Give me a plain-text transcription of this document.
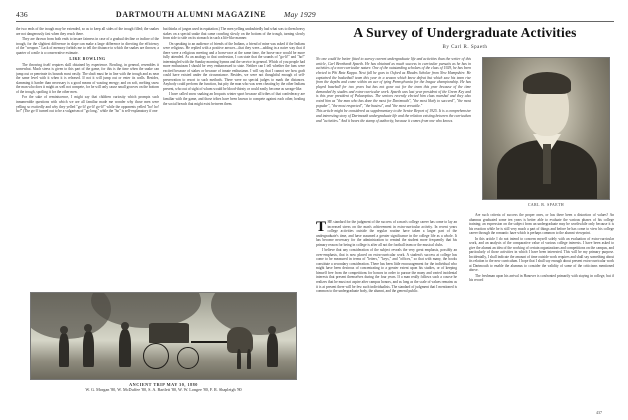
436	DARTMOUTH ALUMNI MAGAZINE	May 1929

the two ends of the trough may be extended, so as to keep all sides of the trough filled; the snakes are not dangerously fast when they reach there.

They are thrown from both ends to insure fairness in case of a gradual decline or incline of the trough, for the slightest difference in slope can make a large difference in directing the efficiency of the "weapon." Lack of memory forbids me to tell the distance to which the snakes are thrown; a quarter of a mile is a conservative estimate.

LIKE BOWLING

The throwing itself requires skill obtained by experience. Bowling, in general, resembles it somewhat. Much stress is given to this part of the game, for this is the time when the snake can jump out or penetrate its bounds most easily. The shaft must be in line with the trough and as near the same level with it when it is released. If not it will jump out or enter its walls. Besides, slamming it harder than necessary is a good means of wasting energy; and on soft, melting snow the man who does it might as well not compete, for he will only cause small grooves on the bottom of the trough, spoiling it for the other men.

For the sake of reminiscence, I might say that children curiosity which prompts such innumerable questions with which we are all familiar made me wonder why those men were yelling so excitedly and why they yelled "go-li! go-li! go-li!" while the opponents yelled "ho! ho! ho!" (The go-li' turned out to be a vulgarism of "go long," while the "ho" is self-explanatory if one

but thinks of jargon used in equitation.) The men yelling undoubtedly had what was to them heavy stakes on a special snake that came crawling slowly on the bottom of the trough, turning slowly from side to side on its stomach in such a life-like manner.

On speaking to an audience of friends of the Indians, a friend of mine was asked if the Indians were religious. He replied with a positive answer—that they were—adding in a naive way that if there were a religious meeting and a horse-race at the same time, the horse-race would be more fully attended. As an analogy to that confession, I can state that the sounds of "go-li!" and "ho!" intermingled with the Sunday morning hymns and the service in general. Which of you people had more enthusiasm I should be very embarrassed to state. Neither can I tell whether the fans were excited because of stakes or because of innate enthusiasm. I will say that I cannot see how graft could have existed under the circumstance. Besides, we were not thoughtful enough of self-preservation to resort to such methods. There were no special judges to mark the distances. Anybody could perform the function, but pity the man who was seen cheating by the other Indians present, who out of sight of whom would be blood-thirsty or could easily become as savage-like.

I have called snow snaking an Iroquois winter sport because all tribes of that confederacy are familiar with the game, and those tribes have been known to compete against each other, healing the social breach that might exist between them.

ANCIENT TRIP MAY 30, 1880
W. G. Morgan '80, W. McDuffee '80, S. A. Bartlett '80, W. W. Longee '80, F. R. Shapleigh '80
A Survey of Undergraduate Activities
By Carl R. Spaeth

No one could be better fitted to survey current undergraduate life and activities than the writer of this article, Carl Bernhardt Spaeth. He has obtained as much success in curricular pursuits as he has in activities of a non-curricular nature. One of the outstanding scholars of the class of 1929, he has been elected to Phi Beta Kappa. Next fall he goes to Oxford as Rhodes Scholar from New Hampshire. He captained the basketball team this year in a season which knew defeat but which saw his team rise from the depths and come within an ace of tying Pennsylvania for the league championship. He has played baseball for two years but has not gone out for the team this year because of the time demanded by studies and extra-curricular work. Spaeth was last year president of the Green Key and is this year president of Palaeopitus. The seniors recently elected him class marshal and they also voted him as "the man who has done the most for Dartmouth", "the most likely to succeed", "the most popular", "the most respected", "the busiest", and "the most versatile."

This article might be considered as supplementary to the Senior Report of 1925. It is a comprehensive and interesting story of Dartmouth undergraduate life and the relation existing between the curriculum and "activities." And it bears the stamp of authority, because it comes from one who knows.

CARL B. SPAETH

THE standard for the judgment of the success of a man's college career has come to lay an increased stress on the man's achievement in extra-curricular activity. In recent years college activities outside the regular routine have taken a larger part of the undergraduate's time, and have assumed a greater significance in the college life as a whole. It has become necessary for the administration to remind the student more frequently that his primary reason for being in college is after all not the football team or the musical clubs.

I believe that any consideration of the subject reveals the very great emphasis, possibly an over-emphasis, that is now placed on extra-curricular work. A student's success at college has come to be measured in terms of "letters," "keys," and "offices," so that with many, the books constitute a secondary consideration. There has been little encouragement for the individual who might have been desirous of concentrating to a greater extent upon his studies, or of keeping himself free from the competitions for honors in order to pursue the many and varied incidental interests that present themselves during the four years. If a man really follows such a course he realizes that he must not aspire after campus honors, and as long as the scale of values remains as it is at present there will be few such individualists. The standard of judgment that I mentioned is common to the undergraduate body, the alumni, and the general public.

Are such criteria of success the proper ones, or has there been a distortion of values? An alumnus graduated some ten years is better able to evaluate the various phases of his college training; an expression on the subject from an undergraduate may be worthwhile only because it is his reaction while he is still very much a part of things and before he has come to view his college career through the romantic haze which is perhaps common to the alumni viewpoint.

In this article I do not intend to concern myself solely with an evaluation of extra-curricular work, and an analysis of the comparative value of various college interests. I have been asked to give the alumni an idea of the working of certain organizations and competitions on the campus, and particularly of those activities in which I have been interested. This will be my primary purpose. Incidentally, I shall indicate the amount of time outside work requires and shall say something about its relation to the new curriculum. I hope that I shall say enough about present extra-curricular work at Dartmouth to enable the alumnus to consider the validity of some of the criticisms mentioned above.

The freshman upon his arrival in Hanover is confronted primarily with staying in college, but if his record

437
